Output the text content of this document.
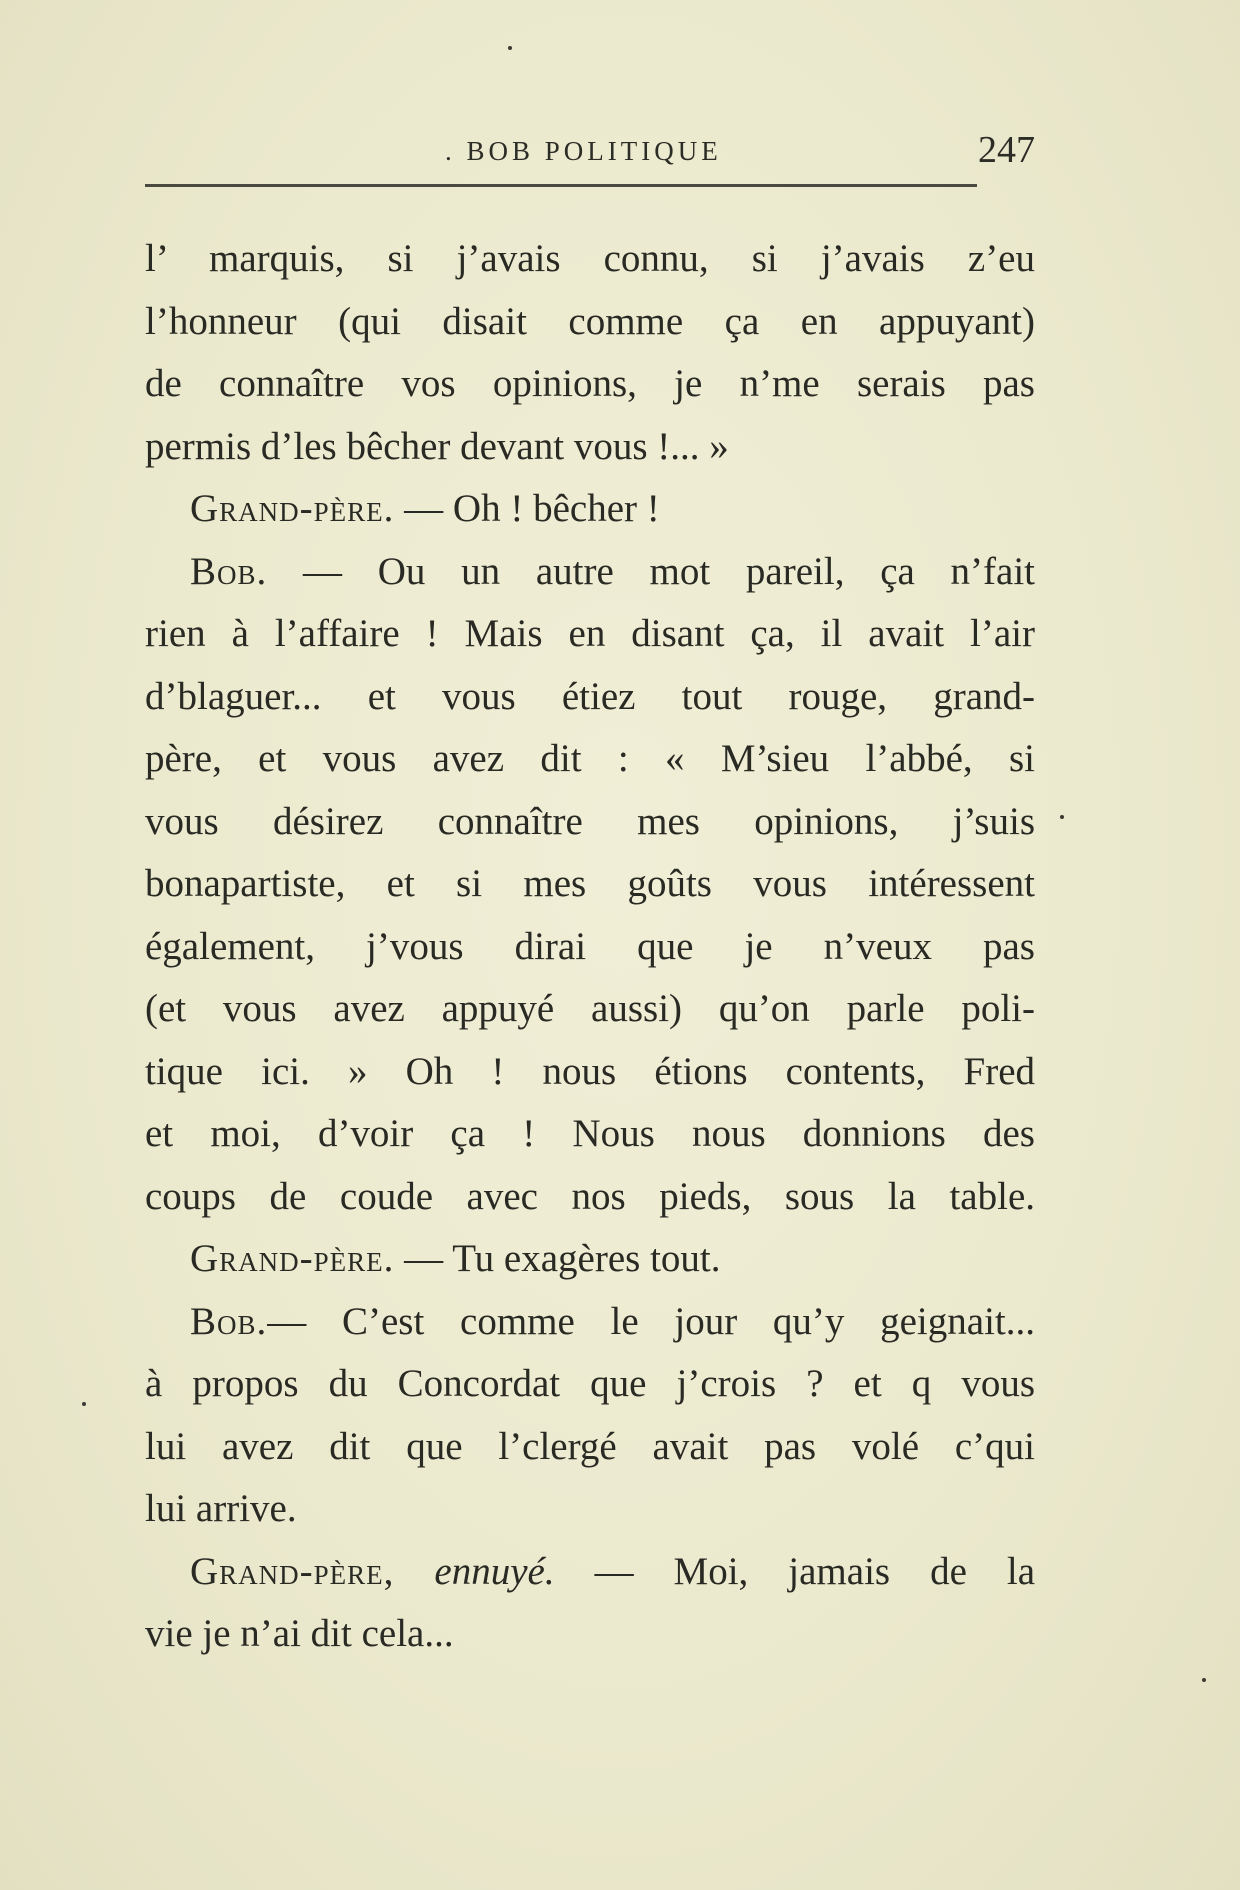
. BOB POLITIQUE	247
l’ marquis, si j’avais connu, si j’avais z’eu
l’honneur (qui disait comme ça en appuyant)
de connaître vos opinions, je n’me serais pas
permis d’les bêcher devant vous !... »
Grand-père. — Oh ! bêcher !
Bob. — Ou un autre mot pareil, ça n’fait
rien à l’affaire ! Mais en disant ça, il avait l’air
d’blaguer... et vous étiez tout rouge, grand-
père, et vous avez dit : « M’sieu l’abbé, si
vous désirez connaître mes opinions, j’suis
bonapartiste, et si mes goûts vous intéressent
également, j’vous dirai que je n’veux pas
(et vous avez appuyé aussi) qu’on parle poli-
tique ici. » Oh ! nous étions contents, Fred
et moi, d’voir ça ! Nous nous donnions des
coups de coude avec nos pieds, sous la table.
Grand-père. — Tu exagères tout.
Bob.— C’est comme le jour qu’y geignait...
à propos du Concordat que j’crois ? et q vous
lui avez dit que l’clergé avait pas volé c’qui
lui arrive.
Grand-père, ennuyé. — Moi, jamais de la
vie je n’ai dit cela...
